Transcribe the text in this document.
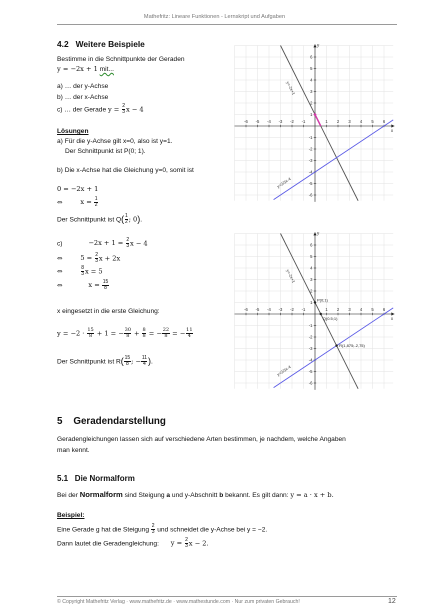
Mathefritz: Lineare Funktionen - Lernskript und Aufgaben
4.2 Weitere Beispiele
Bestimme in die Schnittpunkte der Geraden
y = −2x + 1 mit...
a) … der y-Achse
b) … der x-Achse
c) … der Gerade $y = \frac{2}{3}$ x − 4
Lösungen
a) Für die y-Achse gilt x=0, also ist y=1.
Der Schnittpunkt ist P(0; 1).
b) Die x-Achse hat die Gleichung y=0, somit ist
0 = −2x + 1
⇔	$x = \frac{1}{2}$
Der Schnittpunkt ist $Q( \frac{1}{2}$ ; 0).
c)	$-2x + 1 = \frac{2}{3}$ x − 4
⇔	$5 = \frac{2}{3}$ x + 2x
⇔	$\frac{8}{3}$ x = 5
⇔	$x = \frac{15}{8}$
x eingesetzt in die erste Gleichung:
$y = -2 \cdot \frac{15}{8} + 1$ = − $\frac{30}{8} + \frac{8}{8}$ = − $\frac{22}{8}$ = − $\frac{11}{4}$
Der Schnittpunkt ist $R( \frac{15}{8}$ ; − $\frac{11}{4}$ ).
-6 -5 -4 -3 -2 -1	1 2 3 4 5 6
6
5
4
3
2
1
-1
-2
-3
-4
-5
-6
x
y
y=-2x+1
y=2/3x-4
-6 -5 -4 -3 -2 -1	1 2 3 4 5 6
6
5
4
3
2
1
-1
-2
-3
-4
-5
-6
x
y
y=-2x+1
y=2/3x-4
P(0;1)
Q(0.5;1)
R(1,875;-2,75)
5 Geradendarstellung
Geradengleichungen lassen sich auf verschiedene Arten bestimmen, je nachdem, welche Angaben
man kennt.
5.1 Die Normalform
Bei der Normalform sind Steigung a und y-Abschnitt b bekannt. Es gilt dann: y = a · x + b.
Beispiel:
Eine Gerade g hat die Steigung $\frac{2}{3}$ und schneidet die y-Achse bei y = −2.
Dann lautet die Geradengleichung: $y = \frac{2}{3}$ x − 2.
© Copyright Mathefritz Verlag · www.mathefritz.de · www.mathestunde.com · Nur zum privaten Gebrauch!	12
